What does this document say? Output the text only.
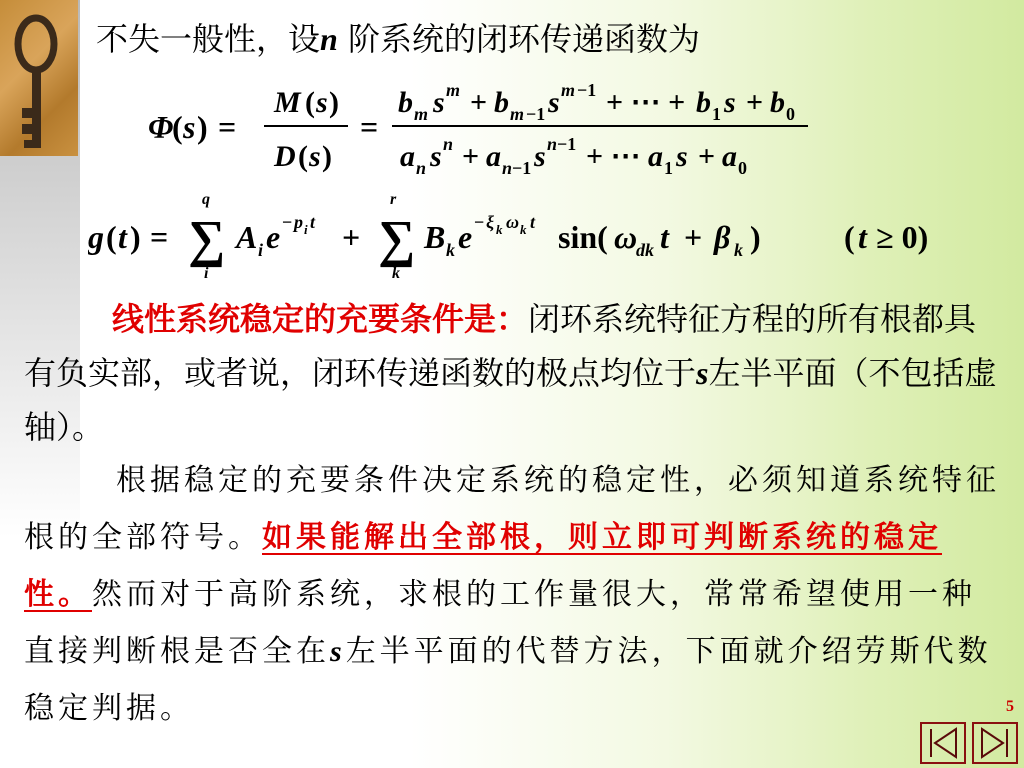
不失一般性，设n 阶系统的闭环传递函数为
Φ
( s ) =
M ( s )
D ( s )
=
b m s m + b m −1 s m −1 + ⋯ + b 1 s + b 0
a n s n + a n −1 s n −1 + ⋯ a 1 s + a 0
g ( t ) =
q
∑
i
A i e − p i t +
r
∑
k
B k e − ξ k ω k t sin( ω
dk t + β k )	( t ≥ 0)
线性系统稳定的充要条件是：闭环系统特征方程的所有根都具有负实部，或者说，闭环传递函数的极点均位于s左半平面（不包括虚轴）。
根据稳定的充要条件决定系统的稳定性，必须知道系统特征根的全部符号。如果能解出全部根，则立即可判断系统的稳定性。然而对于高阶系统，求根的工作量很大，常常希望使用一种直接判断根是否全在s左半平面的代替方法，下面就介绍劳斯代数稳定判据。	5
